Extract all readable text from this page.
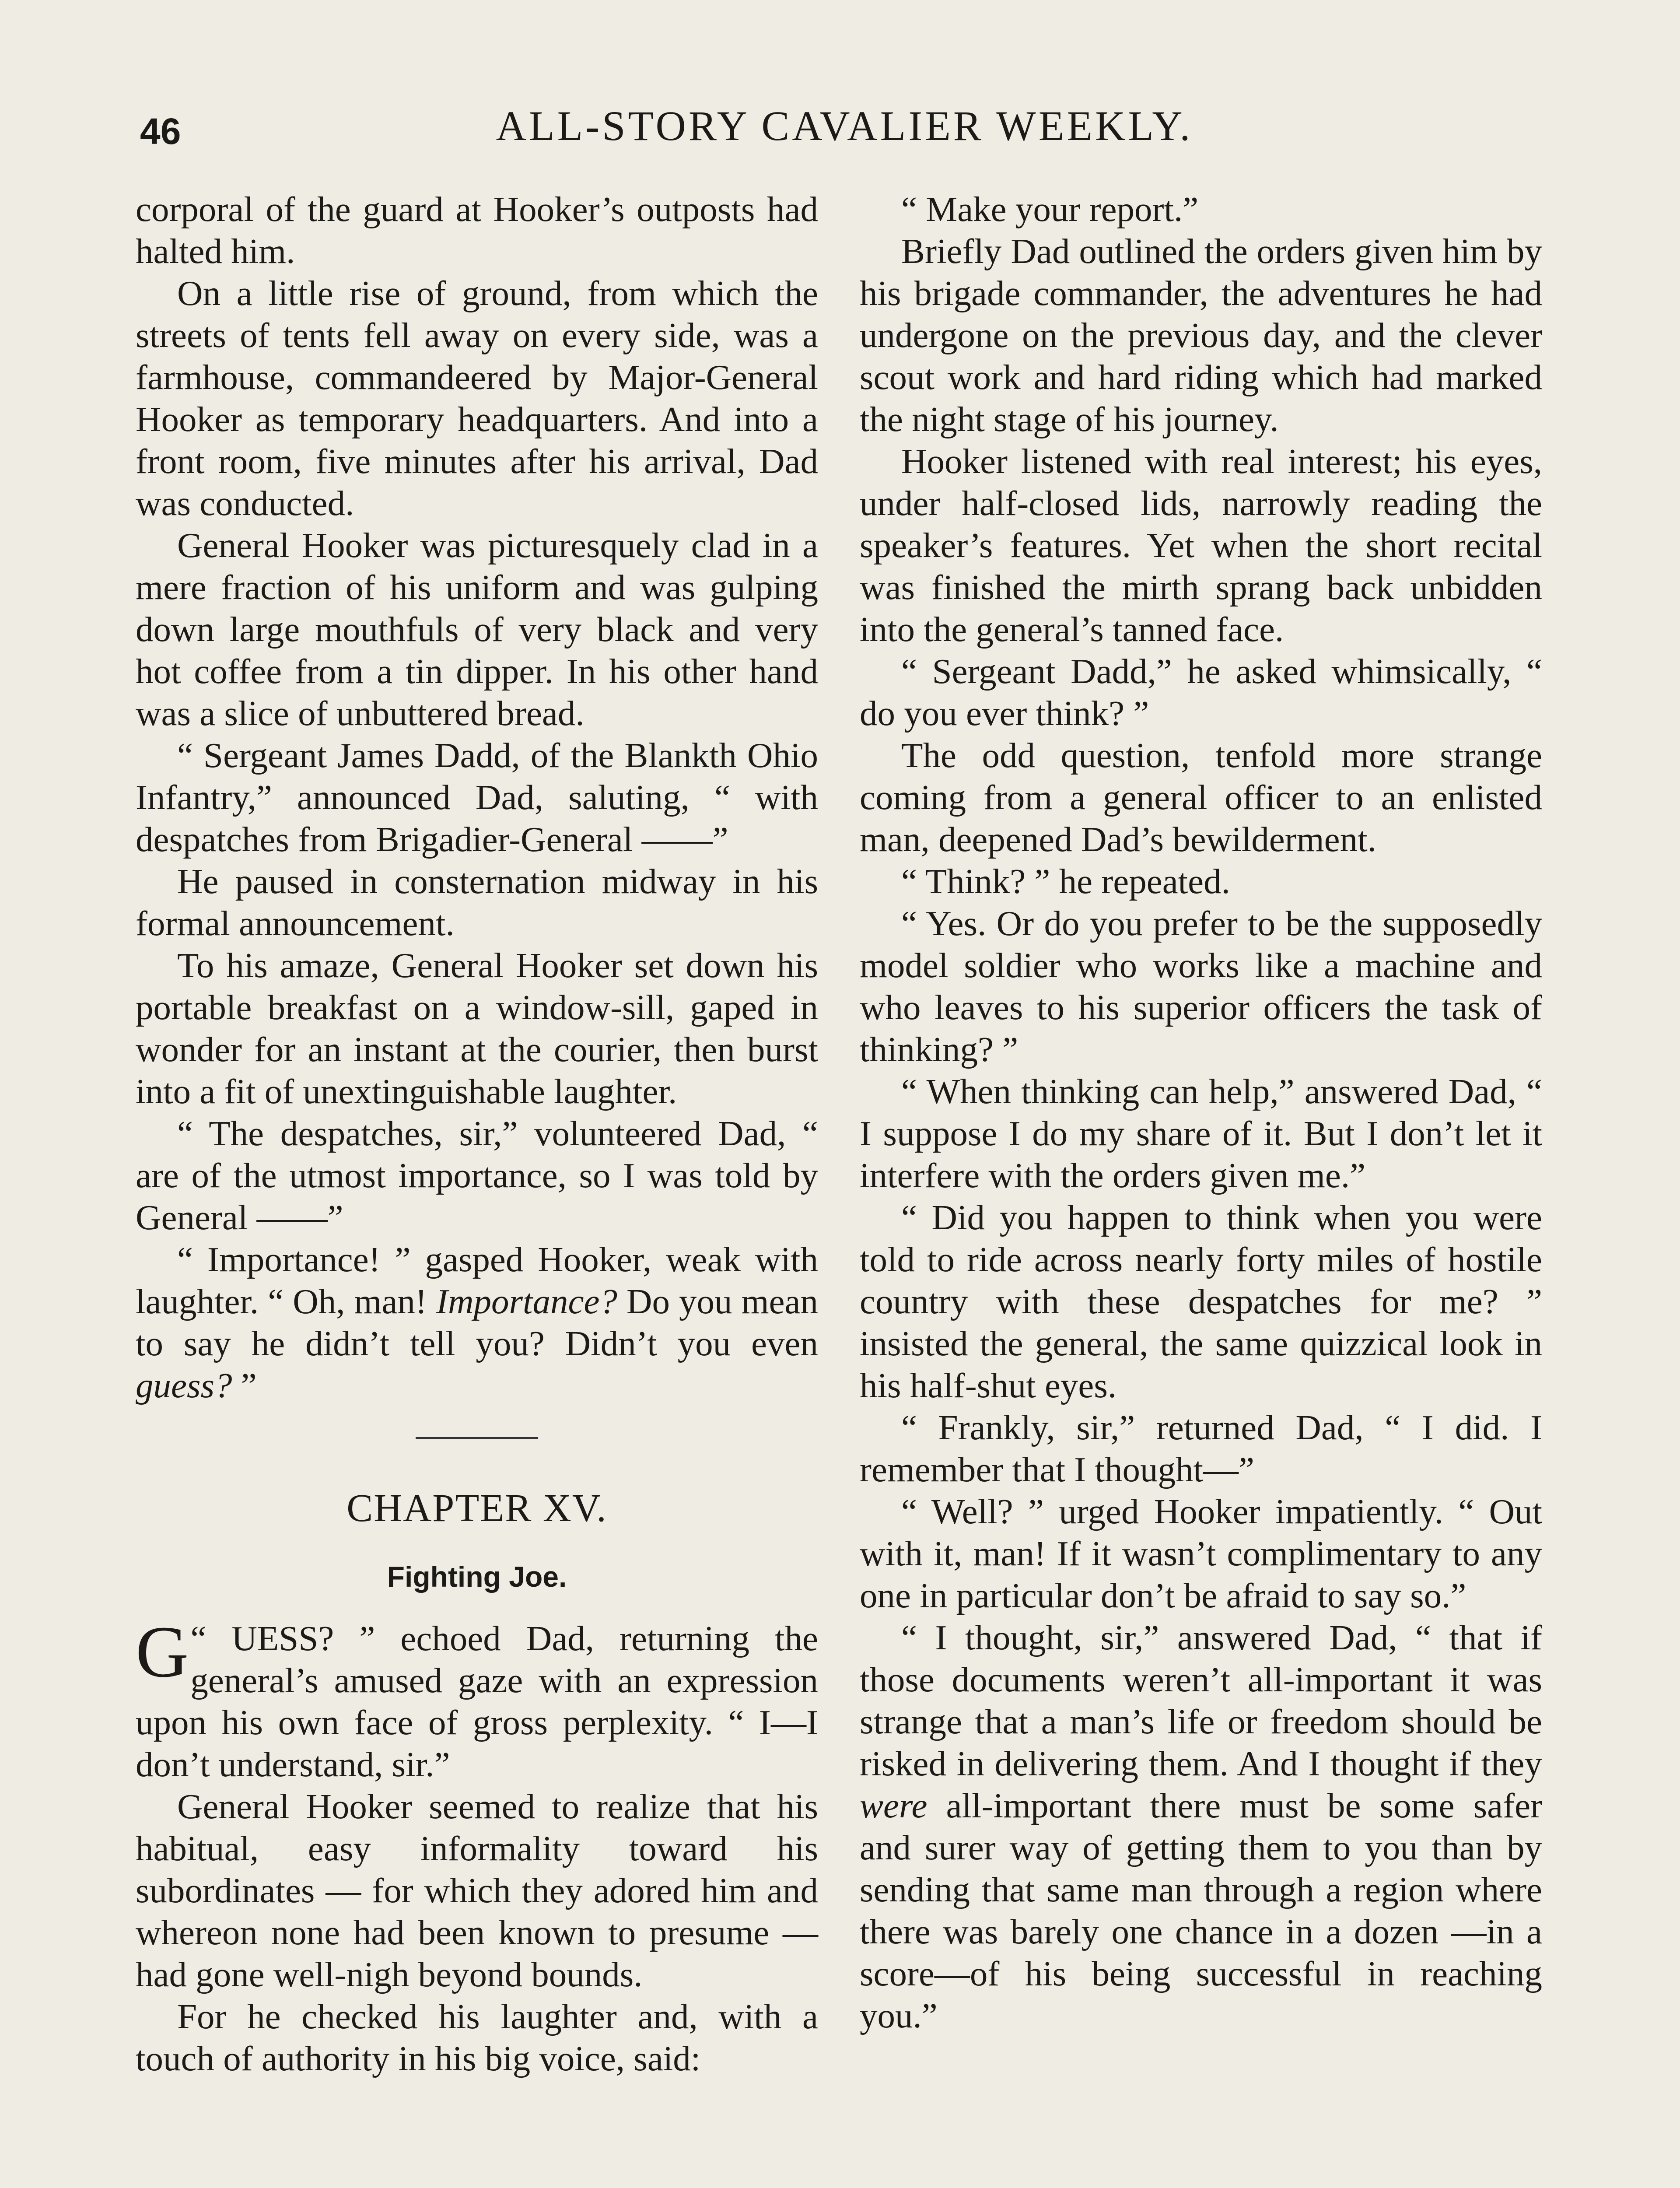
46	ALL-STORY CAVALIER WEEKLY.

corporal of the guard at Hooker’s outposts had halted him.

On a little rise of ground, from which the streets of tents fell away on every side, was a farmhouse, commandeered by Major-General Hooker as temporary headquarters. And into a front room, five minutes after his arrival, Dad was conducted.

General Hooker was picturesquely clad in a mere fraction of his uniform and was gulping down large mouthfuls of very black and very hot coffee from a tin dipper. In his other hand was a slice of unbuttered bread.

“ Sergeant James Dadd, of the Blankth Ohio Infantry,” announced Dad, saluting, “ with despatches from Brigadier-General ——”

He paused in consternation midway in his formal announcement.

To his amaze, General Hooker set down his portable breakfast on a window-sill, gaped in wonder for an instant at the courier, then burst into a fit of unextinguishable laughter.

“ The despatches, sir,” volunteered Dad, “ are of the utmost importance, so I was told by General ——”

“ Importance! ” gasped Hooker, weak with laughter. “ Oh, man! Importance? Do you mean to say he didn’t tell you? Didn’t you even guess? ”

CHAPTER XV.
Fighting Joe.

G “ UESS? ” echoed Dad, returning the general’s amused gaze with an expression upon his own face of gross perplexity. “ I—I don’t understand, sir.”

General Hooker seemed to realize that his habitual, easy informality toward his subordinates — for which they adored him and whereon none had been known to presume — had gone well-nigh beyond bounds.

For he checked his laughter and, with a touch of authority in his big voice, said:

“ Make your report.”

Briefly Dad outlined the orders given him by his brigade commander, the adventures he had undergone on the previous day, and the clever scout work and hard riding which had marked the night stage of his journey.

Hooker listened with real interest; his eyes, under half-closed lids, narrowly reading the speaker’s features. Yet when the short recital was finished the mirth sprang back unbidden into the general’s tanned face.

“ Sergeant Dadd,” he asked whimsically, “ do you ever think? ”

The odd question, tenfold more strange coming from a general officer to an enlisted man, deepened Dad’s bewilderment.

“ Think? ” he repeated.

“ Yes. Or do you prefer to be the supposedly model soldier who works like a machine and who leaves to his superior officers the task of thinking? ”

“ When thinking can help,” answered Dad, “ I suppose I do my share of it. But I don’t let it interfere with the orders given me.”

“ Did you happen to think when you were told to ride across nearly forty miles of hostile country with these despatches for me? ” insisted the general, the same quizzical look in his half-shut eyes.

“ Frankly, sir,” returned Dad, “ I did. I remember that I thought—”

“ Well? ” urged Hooker impatiently. “ Out with it, man! If it wasn’t complimentary to any one in particular don’t be afraid to say so.”

“ I thought, sir,” answered Dad, “ that if those documents weren’t all-important it was strange that a man’s life or freedom should be risked in delivering them. And I thought if they were all-important there must be some safer and surer way of getting them to you than by sending that same man through a region where there was barely one chance in a dozen —in a score—of his being successful in reaching you.”
